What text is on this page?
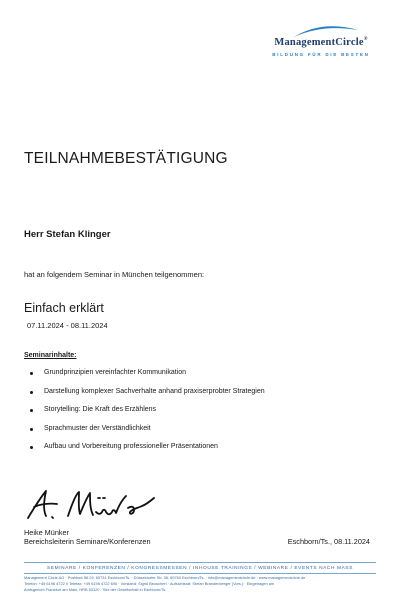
ManagementCircle®
BILDUNG FÜR DIE BESTEN
TEILNAHMEBESTÄTIGUNG
Herr Stefan Klinger
hat an folgendem Seminar in München teilgenommen:
Einfach erklärt
07.11.2024 - 08.11.2024
Seminarinhalte:
Grundprinzipien vereinfachter Kommunikation
Darstellung komplexer Sachverhalte anhand praxiserprobter Strategien
Storytelling: Die Kraft des Erzählens
Sprachmuster der Verständlichkeit
Aufbau und Vorbereitung professioneller Präsentationen
Heike Münker
Bereichsleiterin Seminare/Konferenzen	Eschborn/Ts., 08.11.2024
SEMINARE / KONFERENZEN / KONGRESSMESSEN / INHOUSE TRAININGS / WEBINARE / EVENTS NACH MASS
Management Circle AG · Postfach 56 29, 65731 Eschborn/Ts. · Düsseldorfer Str. 36, 65760 Eschborn/Ts. · info@managementcircle.de · www.managementcircle.de
Telefon: +49 6196 4722 0 Telefax: +49 6196 4722 606 · Vorstand: Sigrid Beuschert · Aufsichtsrat: Stefan Brandenberger (Vors.) · Eingetragen am
Amtsgericht Frankfurt am Main, HRB 53120 · Sitz der Gesellschaft in Eschborn/Ts.
